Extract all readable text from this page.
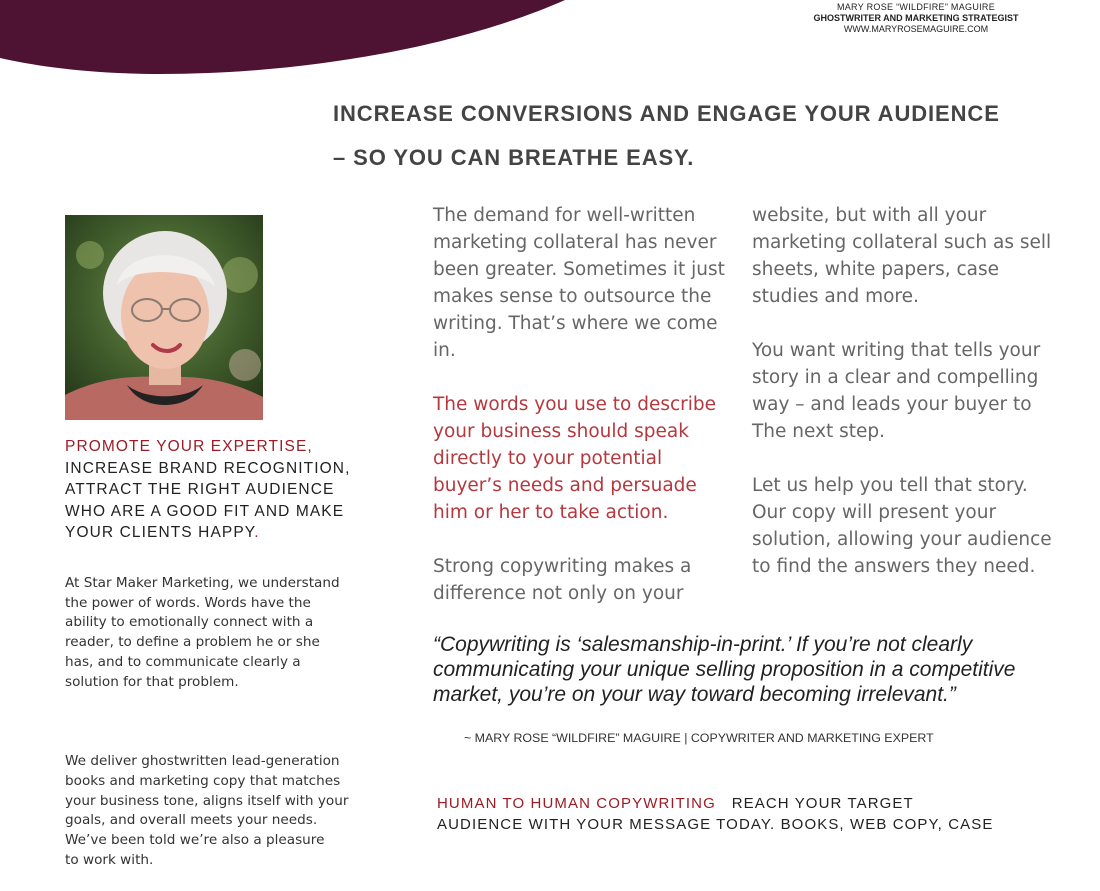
MARY ROSE “WILDFIRE” MAGUIRE
GHOSTWRITER AND MARKETING STRATEGIST
WWW.MARYROSEMAGUIRE.COM
INCREASE CONVERSIONS AND ENGAGE YOUR AUDIENCE
– SO YOU CAN BREATHE EASY.
PROMOTE YOUR EXPERTISE,
INCREASE BRAND RECOGNITION,
ATTRACT THE RIGHT AUDIENCE
WHO ARE A GOOD FIT AND MAKE
YOUR CLIENTS HAPPY.

At Star Maker Marketing, we understand
the power of words. Words have the
ability to emotionally connect with a
reader, to define a problem he or she
has, and to communicate clearly a
solution for that problem.

We deliver ghostwritten lead-generation
books and marketing copy that matches
your business tone, aligns itself with your
goals, and overall meets your needs.
We’ve been told we’re also a pleasure
to work with.

The demand for well-written
marketing collateral has never
been greater. Sometimes it just
makes sense to outsource the
writing. That’s where we come
in.
The words you use to describe
your business should speak
directly to your potential
buyer’s needs and persuade
him or her to take action.
Strong copywriting makes a
difference not only on your
website, but with all your
marketing collateral such as sell
sheets, white papers, case
studies and more.
You want writing that tells your
story in a clear and compelling
way – and leads your buyer to
The next step.
Let us help you tell that story.
Our copy will present your
solution, allowing your audience
to find the answers they need.
“Copywriting is ‘salesmanship-in-print.’ If you’re not clearly
communicating your unique selling proposition in a competitive
market, you’re on your way toward becoming irrelevant.”
~ MARY ROSE “WILDFIRE” MAGUIRE | COPYWRITER AND MARKETING EXPERT
HUMAN TO HUMAN COPYWRITING REACH YOUR TARGET
AUDIENCE WITH YOUR MESSAGE TODAY. BOOKS, WEB COPY, CASE
